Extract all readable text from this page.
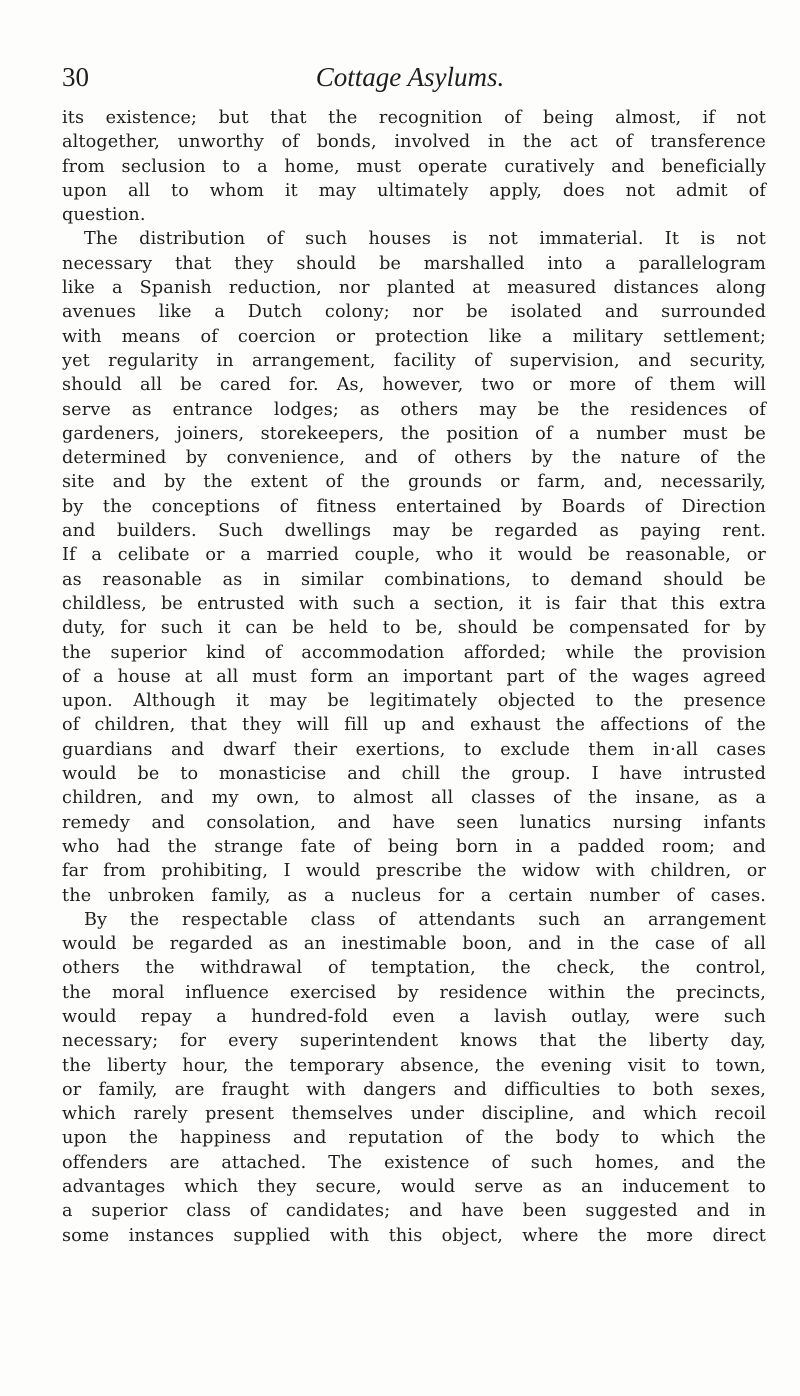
30	Cottage Asylums.
its existence; but that the recognition of being almost, if not
altogether, unworthy of bonds, involved in the act of transference
from seclusion to a home, must operate curatively and beneficially
upon all to whom it may ultimately apply, does not admit of
question.
The distribution of such houses is not immaterial. It is not
necessary that they should be marshalled into a parallelogram
like a Spanish reduction, nor planted at measured distances along
avenues like a Dutch colony; nor be isolated and surrounded
with means of coercion or protection like a military settlement;
yet regularity in arrangement, facility of supervision, and security,
should all be cared for. As, however, two or more of them will
serve as entrance lodges; as others may be the residences of
gardeners, joiners, storekeepers, the position of a number must be
determined by convenience, and of others by the nature of the
site and by the extent of the grounds or farm, and, necessarily,
by the conceptions of fitness entertained by Boards of Direction
and builders. Such dwellings may be regarded as paying rent.
If a celibate or a married couple, who it would be reasonable, or
as reasonable as in similar combinations, to demand should be
childless, be entrusted with such a section, it is fair that this extra
duty, for such it can be held to be, should be compensated for by
the superior kind of accommodation afforded; while the provision
of a house at all must form an important part of the wages agreed
upon. Although it may be legitimately objected to the presence
of children, that they will fill up and exhaust the affections of the
guardians and dwarf their exertions, to exclude them in·all cases
would be to monasticise and chill the group. I have intrusted
children, and my own, to almost all classes of the insane, as a
remedy and consolation, and have seen lunatics nursing infants
who had the strange fate of being born in a padded room; and
far from prohibiting, I would prescribe the widow with children, or
the unbroken family, as a nucleus for a certain number of cases.
By the respectable class of attendants such an arrangement
would be regarded as an inestimable boon, and in the case of all
others the withdrawal of temptation, the check, the control,
the moral influence exercised by residence within the precincts,
would repay a hundred-fold even a lavish outlay, were such
necessary; for every superintendent knows that the liberty day,
the liberty hour, the temporary absence, the evening visit to town,
or family, are fraught with dangers and difficulties to both sexes,
which rarely present themselves under discipline, and which recoil
upon the happiness and reputation of the body to which the
offenders are attached. The existence of such homes, and the
advantages which they secure, would serve as an inducement to
a superior class of candidates; and have been suggested and in
some instances supplied with this object, where the more direct
